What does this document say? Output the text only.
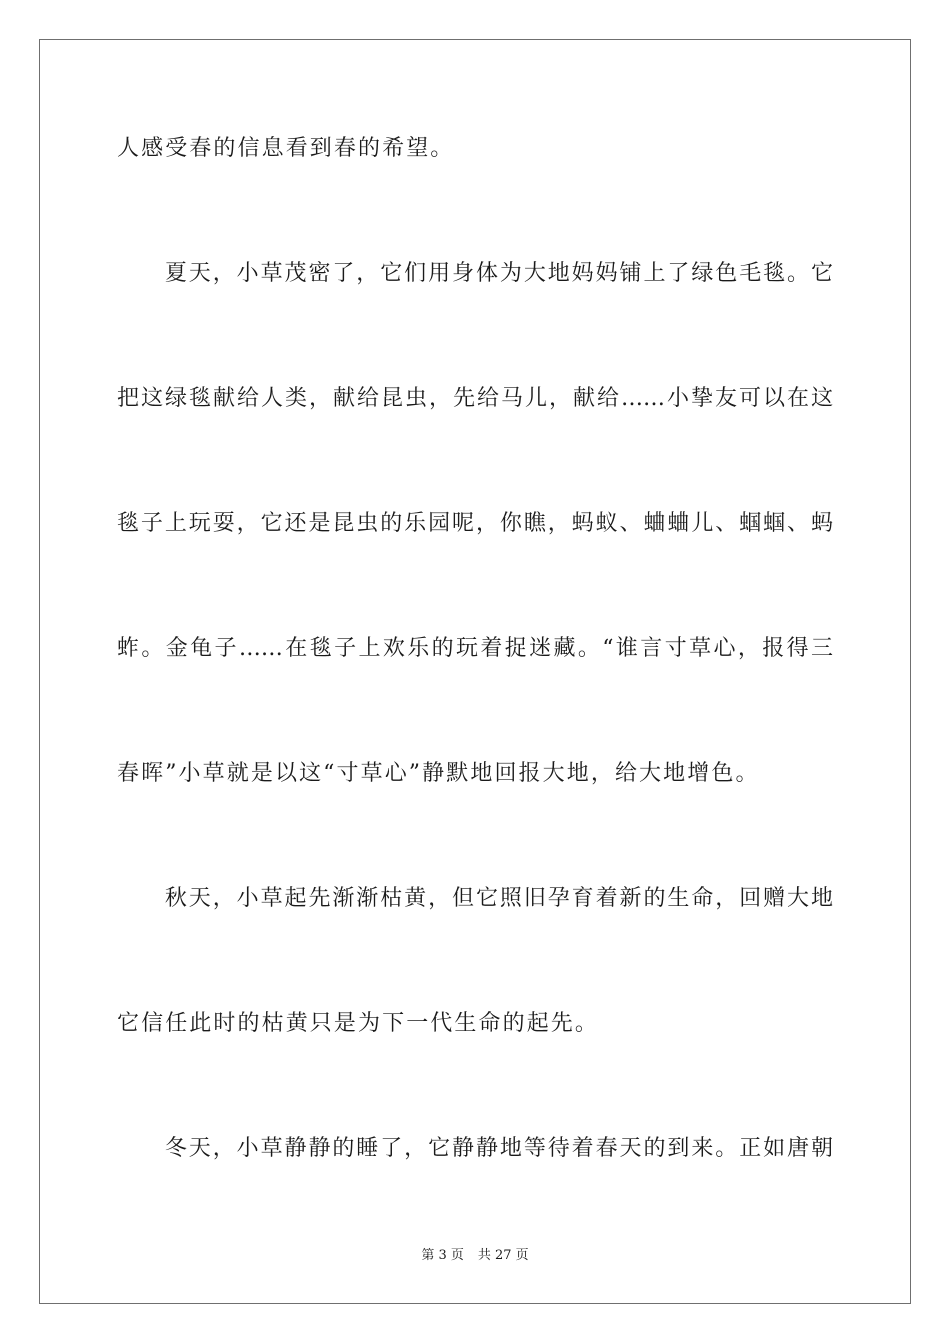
人感受春的信息看到春的希望。
　　夏天，小草茂密了，它们用身体为大地妈妈铺上了绿色毛毯。它
把这绿毯献给人类，献给昆虫，先给马儿，献给……小挚友可以在这
毯子上玩耍，它还是昆虫的乐园呢，你瞧，蚂蚁、蛐蛐儿、蝈蝈、蚂
蚱。金龟子……在毯子上欢乐的玩着捉迷藏。“谁言寸草心，报得三
春晖”小草就是以这“寸草心”静默地回报大地，给大地增色。
　　秋天，小草起先渐渐枯黄，但它照旧孕育着新的生命，回赠大地
它信任此时的枯黄只是为下一代生命的起先。
　　冬天，小草静静的睡了，它静静地等待着春天的到来。正如唐朝
第 3 页 共 27 页
